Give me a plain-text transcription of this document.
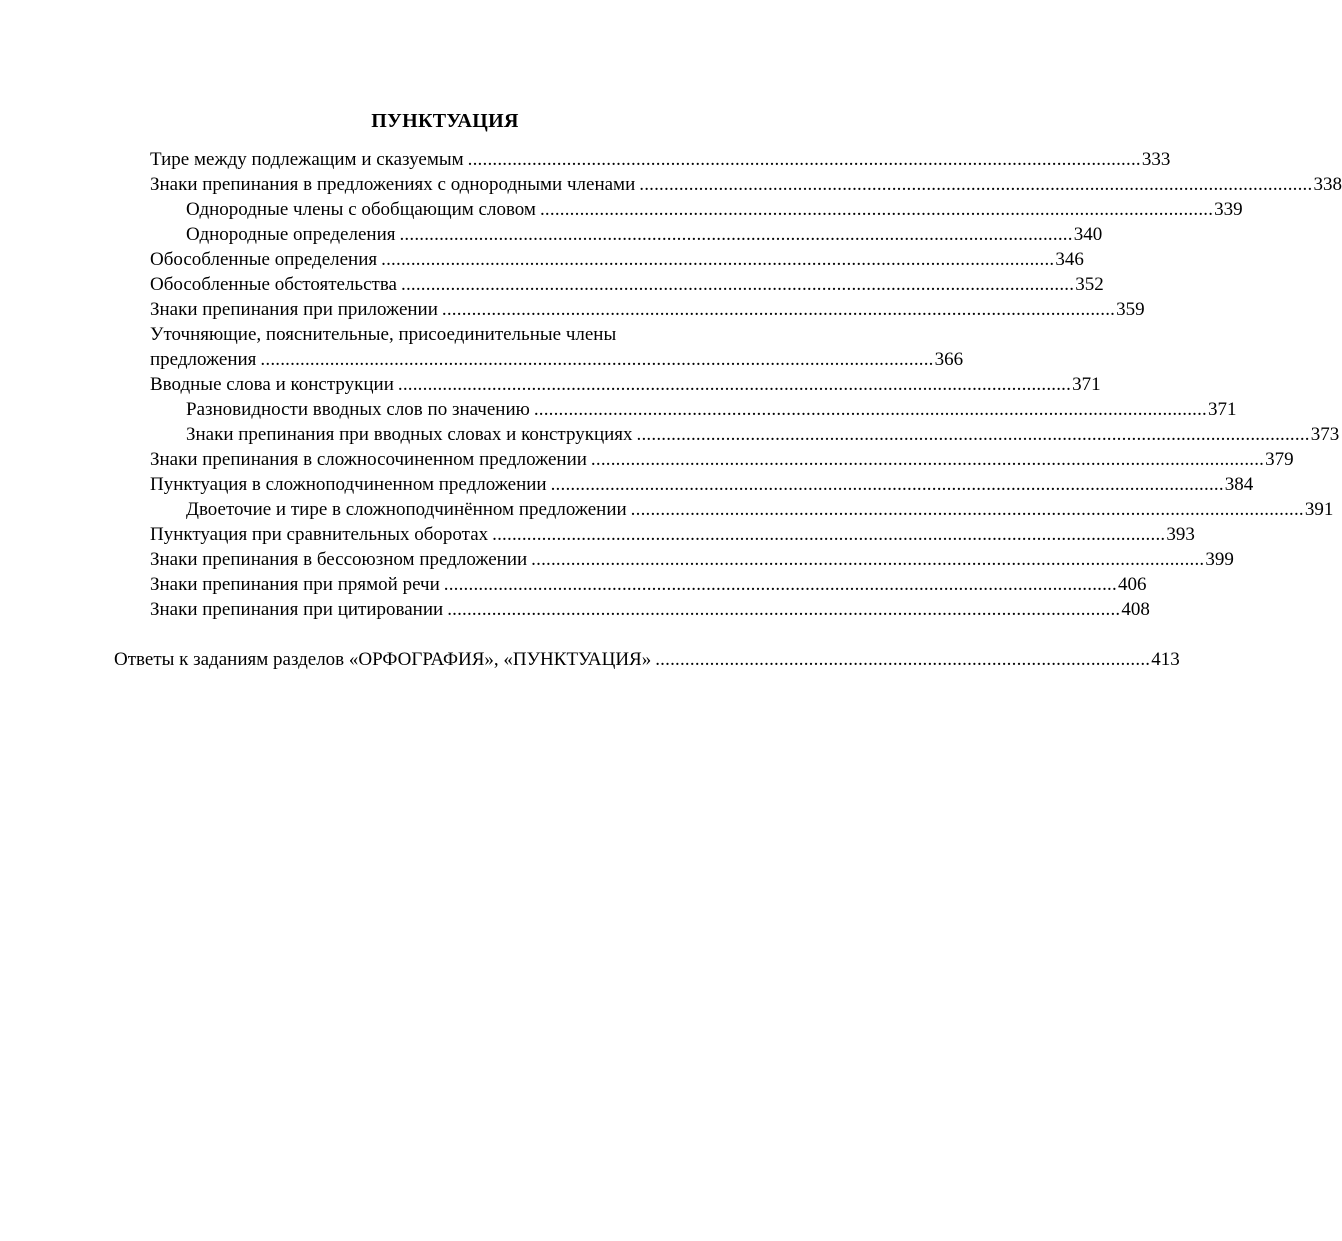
ПУНКТУАЦИЯ
Тире между подлежащим и сказуемым ........................................................................................................................................ 333
Знаки препинания в предложениях с однородными членами ........................................................................................................................................ 338
Однородные члены с обобщающим словом ........................................................................................................................................ 339
Однородные определения ........................................................................................................................................ 340
Обособленные определения ........................................................................................................................................ 346
Обособленные обстоятельства ........................................................................................................................................ 352
Знаки препинания при приложении ........................................................................................................................................ 359
Уточняющие, пояснительные, присоединительные члены
предложения ........................................................................................................................................ 366
Вводные слова и конструкции ........................................................................................................................................ 371
Разновидности вводных слов по значению ........................................................................................................................................ 371
Знаки препинания при вводных словах и конструкциях ........................................................................................................................................ 373
Знаки препинания в сложносочиненном предложении ........................................................................................................................................ 379
Пунктуация в сложноподчиненном предложении ........................................................................................................................................ 384
Двоеточие и тире в сложноподчинённом предложении ........................................................................................................................................ 391
Пунктуация при сравнительных оборотах ........................................................................................................................................ 393
Знаки препинания в бессоюзном предложении ........................................................................................................................................ 399
Знаки препинания при прямой речи ........................................................................................................................................ 406
Знаки препинания при цитировании ........................................................................................................................................ 408
Ответы к заданиям разделов «ОРФОГРАФИЯ», «ПУНКТУАЦИЯ» .................................................................................................... 413
